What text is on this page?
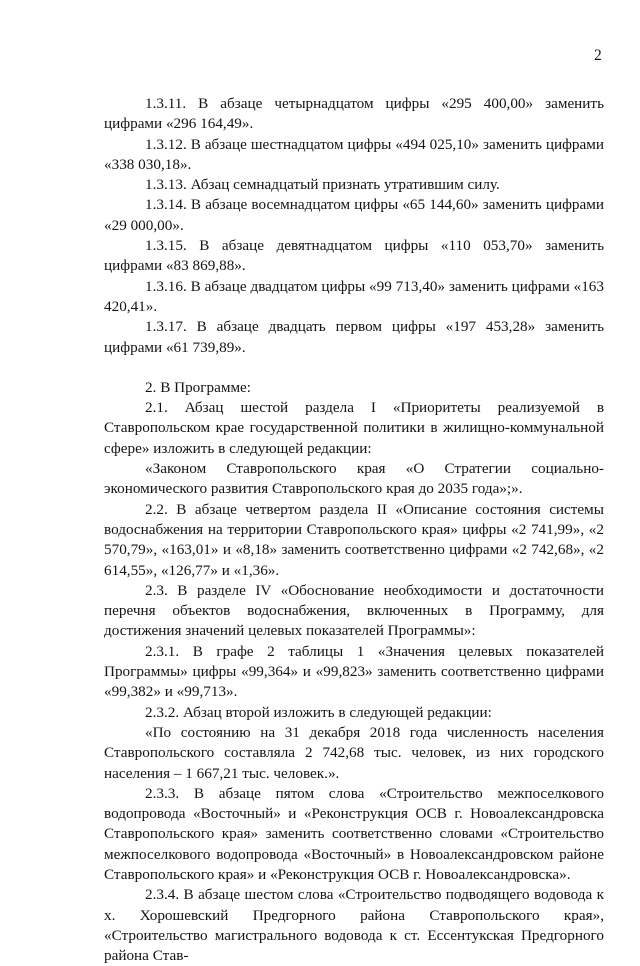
2

1.3.11. В абзаце четырнадцатом цифры «295 400,00» заменить цифрами «296 164,49».

1.3.12. В абзаце шестнадцатом цифры «494 025,10» заменить цифрами «338 030,18».

1.3.13. Абзац семнадцатый признать утратившим силу.

1.3.14. В абзаце восемнадцатом цифры «65 144,60» заменить цифрами «29 000,00».

1.3.15. В абзаце девятнадцатом цифры «110 053,70» заменить цифрами «83 869,88».

1.3.16. В абзаце двадцатом цифры «99 713,40» заменить цифрами «163 420,41».

1.3.17. В абзаце двадцать первом цифры «197 453,28» заменить цифрами «61 739,89».

2. В Программе:

2.1. Абзац шестой раздела I «Приоритеты реализуемой в Ставропольском крае государственной политики в жилищно-коммунальной сфере» изложить в следующей редакции:

«Законом Ставропольского края «О Стратегии социально-экономического развития Ставропольского края до 2035 года»;».

2.2. В абзаце четвертом раздела II «Описание состояния системы водоснабжения на территории Ставропольского края» цифры «2 741,99», «2 570,79», «163,01» и «8,18» заменить соответственно цифрами «2 742,68», «2 614,55», «126,77» и «1,36».

2.3. В разделе IV «Обоснование необходимости и достаточности перечня объектов водоснабжения, включенных в Программу, для достижения значений целевых показателей Программы»:

2.3.1. В графе 2 таблицы 1 «Значения целевых показателей Программы» цифры «99,364» и «99,823» заменить соответственно цифрами «99,382» и «99,713».

2.3.2. Абзац второй изложить в следующей редакции:

«По состоянию на 31 декабря 2018 года численность населения Ставропольского составляла 2 742,68 тыс. человек, из них городского населения – 1 667,21 тыс. человек.».

2.3.3. В абзаце пятом слова «Строительство межпоселкового водопровода «Восточный» и «Реконструкция ОСВ г. Новоалександровска Ставропольского края» заменить соответственно словами «Строительство межпоселкового водопровода «Восточный» в Новоалександровском районе Ставропольского края» и «Реконструкция ОСВ г. Новоалександровска».

2.3.4. В абзаце шестом слова «Строительство подводящего водовода к х. Хорошевский Предгорного района Ставропольского края», «Строительство магистрального водовода к ст. Ессентукская Предгорного района Став-
